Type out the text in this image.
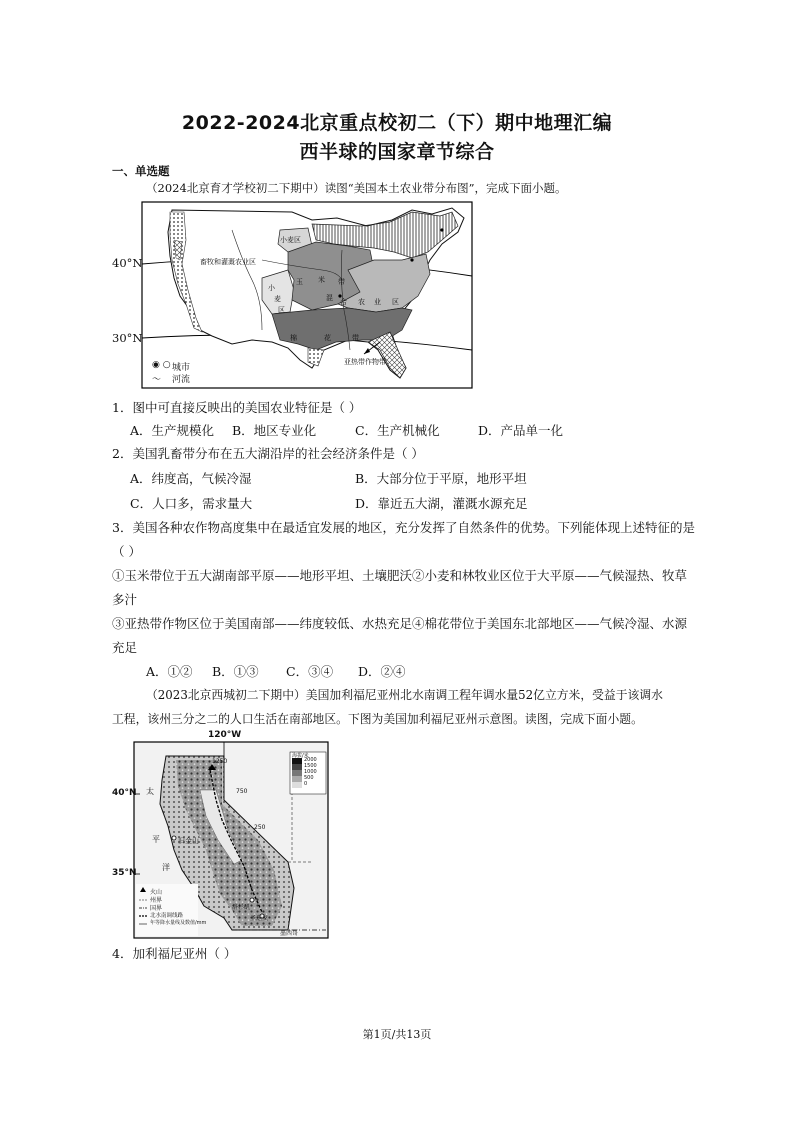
2022-2024北京重点校初二（下）期中地理汇编
西半球的国家章节综合
一、单选题
（2024北京育才学校初二下期中）读图“美国本土农业带分布图”，完成下面小题。
畜牧和灌溉农业区
小麦区
小
麦
区
玉 米 带
混 合 农 业 区
棉	花	带
亚热带作物带
40°N
30°N
◉ ○ 城市
〜 河流
1．图中可直接反映出的美国农业特征是（ ）
A．生产规模化 B．地区专业化	C．生产机械化	D．产品单一化
2．美国乳畜带分布在五大湖沿岸的社会经济条件是（ ）
A．纬度高，气候冷湿	B．大部分位于平原，地形平坦
C．人口多，需求量大	D．靠近五大湖，灌溉水源充足
3．美国各种农作物高度集中在最适宜发展的地区，充分发挥了自然条件的优势。下列能体现上述特征的是
（ ）
①玉米带位于五大湖南部平原——地形平坦、土壤肥沃②小麦和林牧业区位于大平原——气候湿热、牧草
多汁
③亚热带作物区位于美国南部——纬度较低、水热充足④棉花带位于美国东北部地区——气候冷湿、水源
充足
A．①② B．①③ C．③④ D．②④
（2023北京西城初二下期中）美国加利福尼亚州北水南调工程年调水量52亿立方米，受益于该调水
工程，该州三分之二的人口生活在南部地区。下图为美国加利福尼亚州示意图。读图，完成下面小题。
120°W
40°N
35°N
海拔/米
2000
1500
1000
500
0
1250
750
250
旧金山
洛杉矶
圣迭戈
太
平
洋
墨西哥
火山
州界
国界
北水南调线路
年等降水量线及数值/mm
4．加利福尼亚州（ ）
第1页/共13页
